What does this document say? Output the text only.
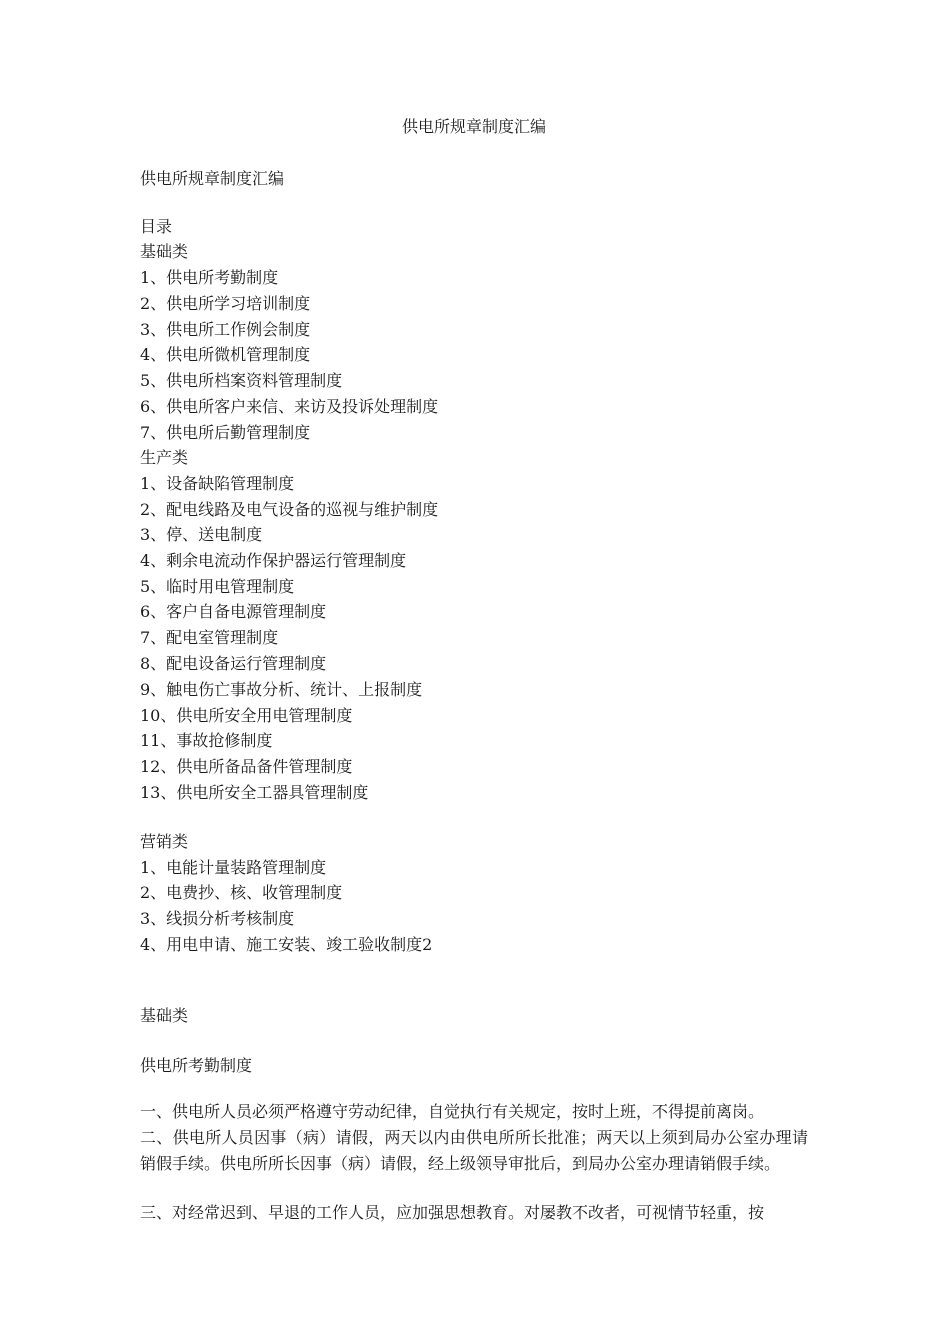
供电所规章制度汇编
供电所规章制度汇编
目录
基础类
1、供电所考勤制度
2、供电所学习培训制度
3、供电所工作例会制度
4、供电所微机管理制度
5、供电所档案资料管理制度
6、供电所客户来信、来访及投诉处理制度
7、供电所后勤管理制度
生产类
1、设备缺陷管理制度
2、配电线路及电气设备的巡视与维护制度
3、停、送电制度
4、剩余电流动作保护器运行管理制度
5、临时用电管理制度
6、客户自备电源管理制度
7、配电室管理制度
8、配电设备运行管理制度
9、触电伤亡事故分析、统计、上报制度
10、供电所安全用电管理制度
11、事故抢修制度
12、供电所备品备件管理制度
13、供电所安全工器具管理制度
营销类
1、电能计量装路管理制度
2、电费抄、核、收管理制度
3、线损分析考核制度
4、用电申请、施工安装、竣工验收制度2
基础类
供电所考勤制度
一、供电所人员必须严格遵守劳动纪律，自觉执行有关规定，按时上班，不得提前离岗。
二、供电所人员因事（病）请假，两天以内由供电所所长批准；两天以上须到局办公室办理请销假手续。供电所所长因事（病）请假，经上级领导审批后，到局办公室办理请销假手续。
三、对经常迟到、早退的工作人员，应加强思想教育。对屡教不改者，可视情节轻重，按
